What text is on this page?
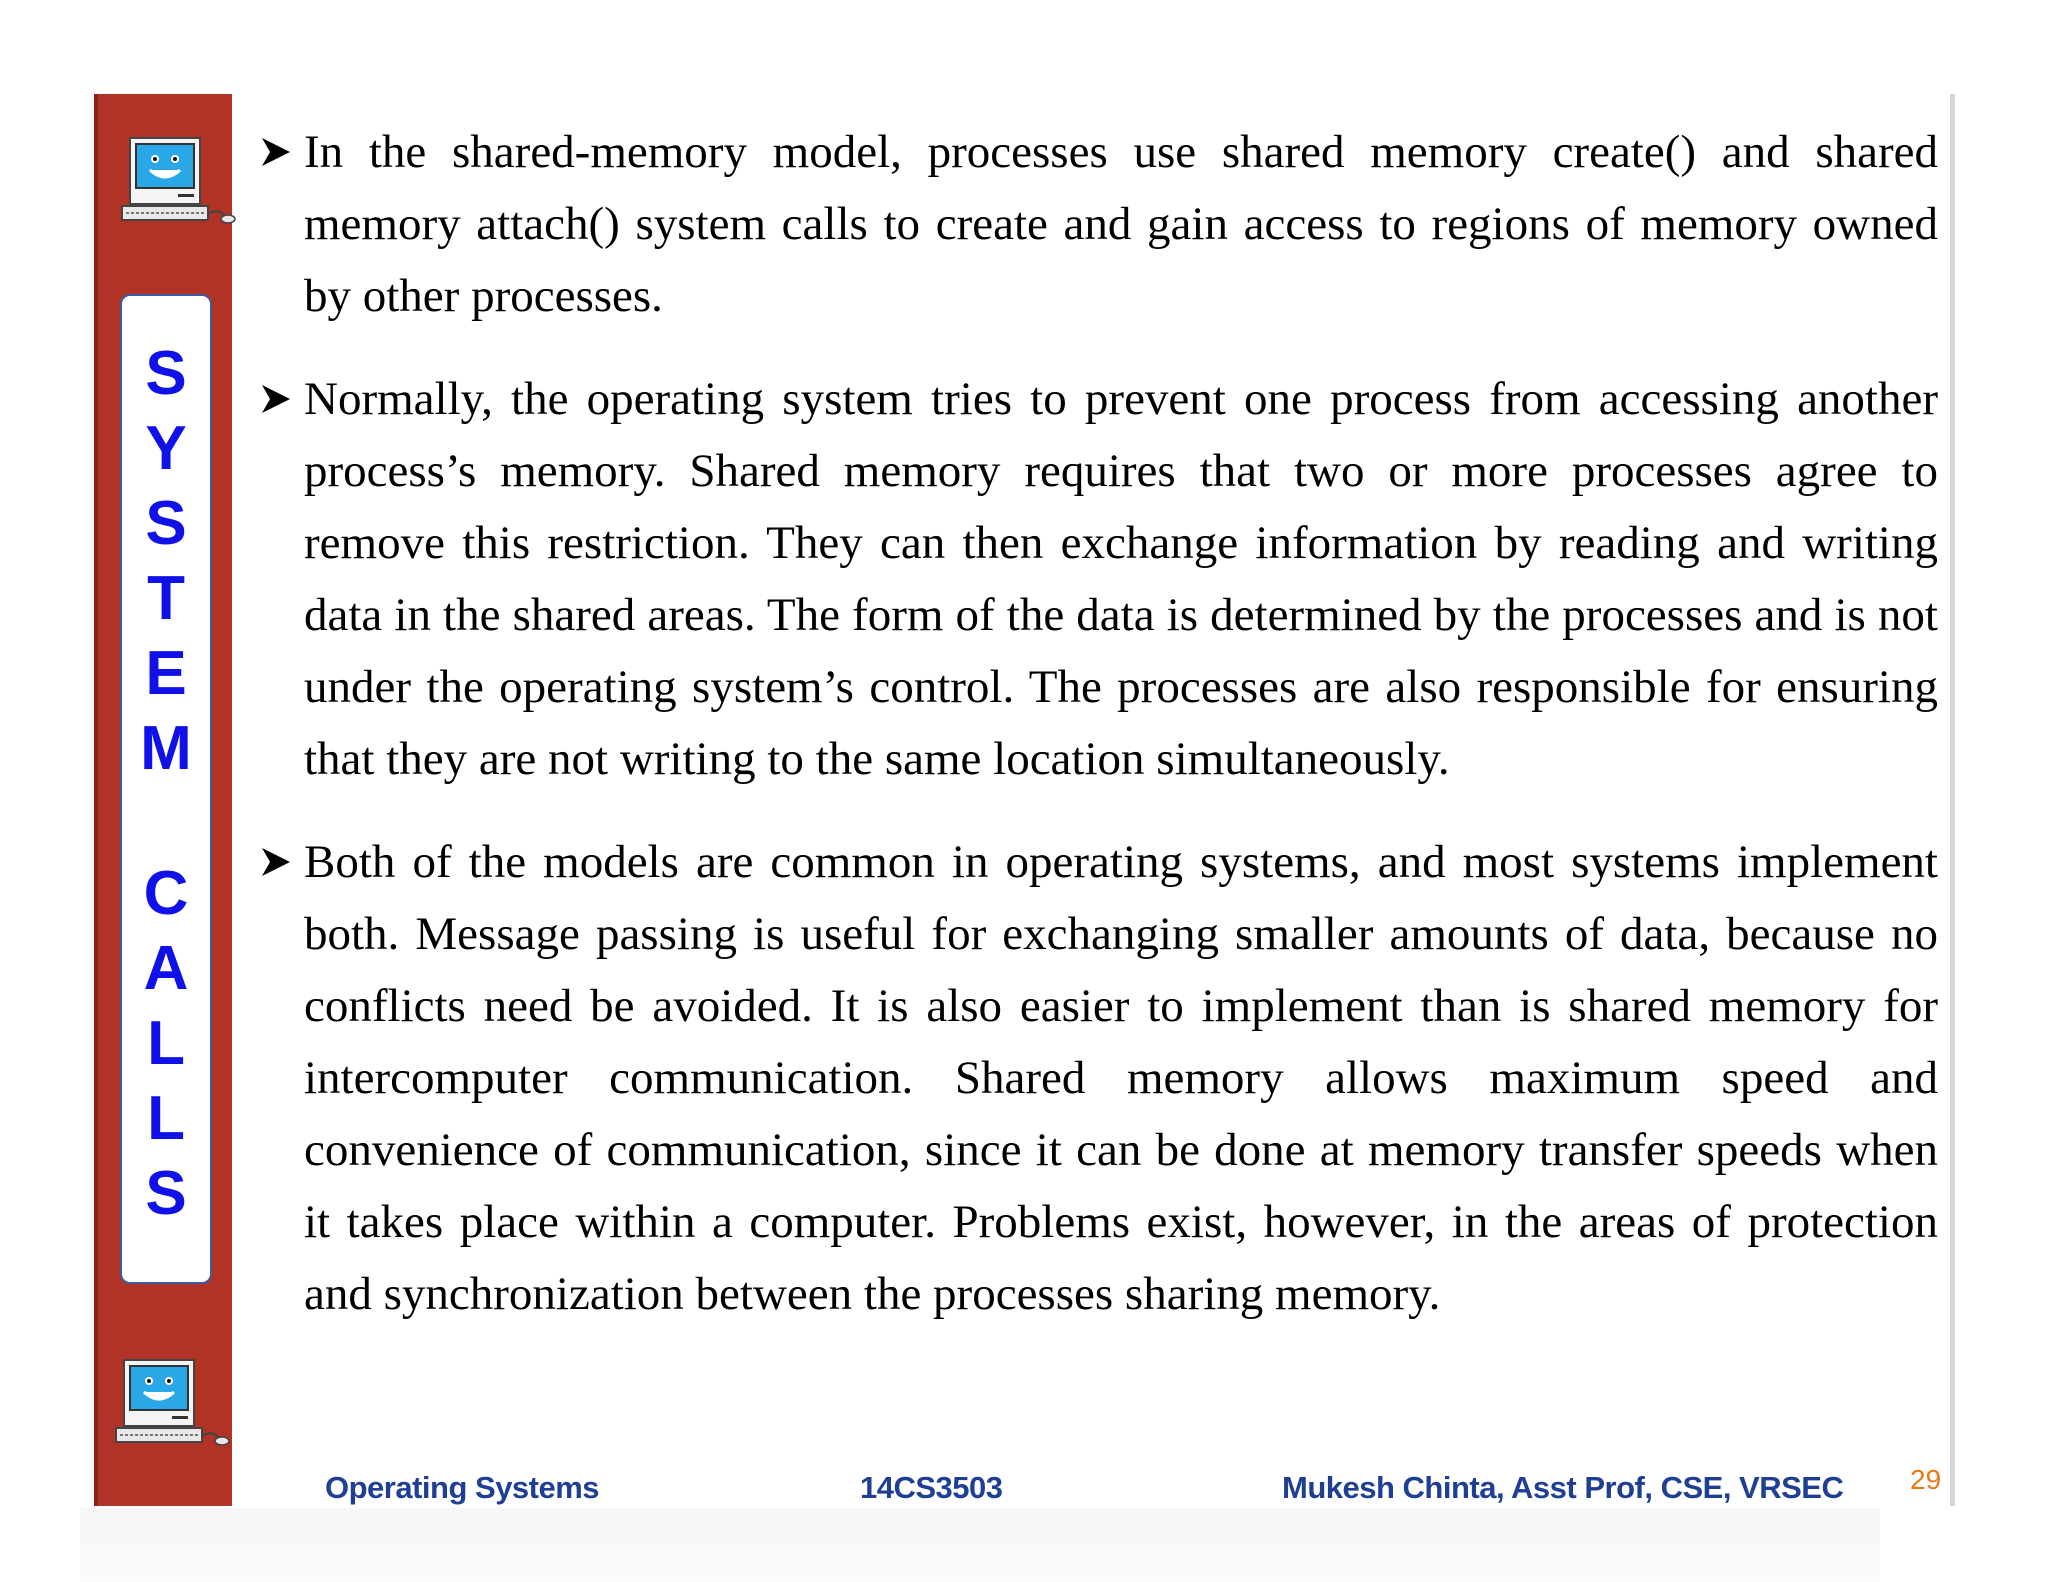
S
Y
S
T
E
M
C
A
L
L
S
In the shared-memory model, processes use shared memory create() and shared memory attach() system calls to create and gain access to regions of memory owned by other processes.
Normally, the operating system tries to prevent one process from accessing another process’s memory. Shared memory requires that two or more processes agree to remove this restriction. They can then exchange information by reading and writing data in the shared areas. The form of the data is determined by the processes and is not under the operating system’s control. The processes are also responsible for ensuring that they are not writing to the same location simultaneously.
Both of the models are common in operating systems, and most systems implement both. Message passing is useful for exchanging smaller amounts of data, because no conflicts need be avoided. It is also easier to implement than is shared memory for intercomputer communication. Shared memory allows maximum speed and convenience of communication, since it can be done at memory transfer speeds when it takes place within a computer. Problems exist, however, in the areas of protection and synchronization between the processes sharing memory.
Operating Systems	14CS3503	Mukesh Chinta, Asst Prof, CSE, VRSEC 29
